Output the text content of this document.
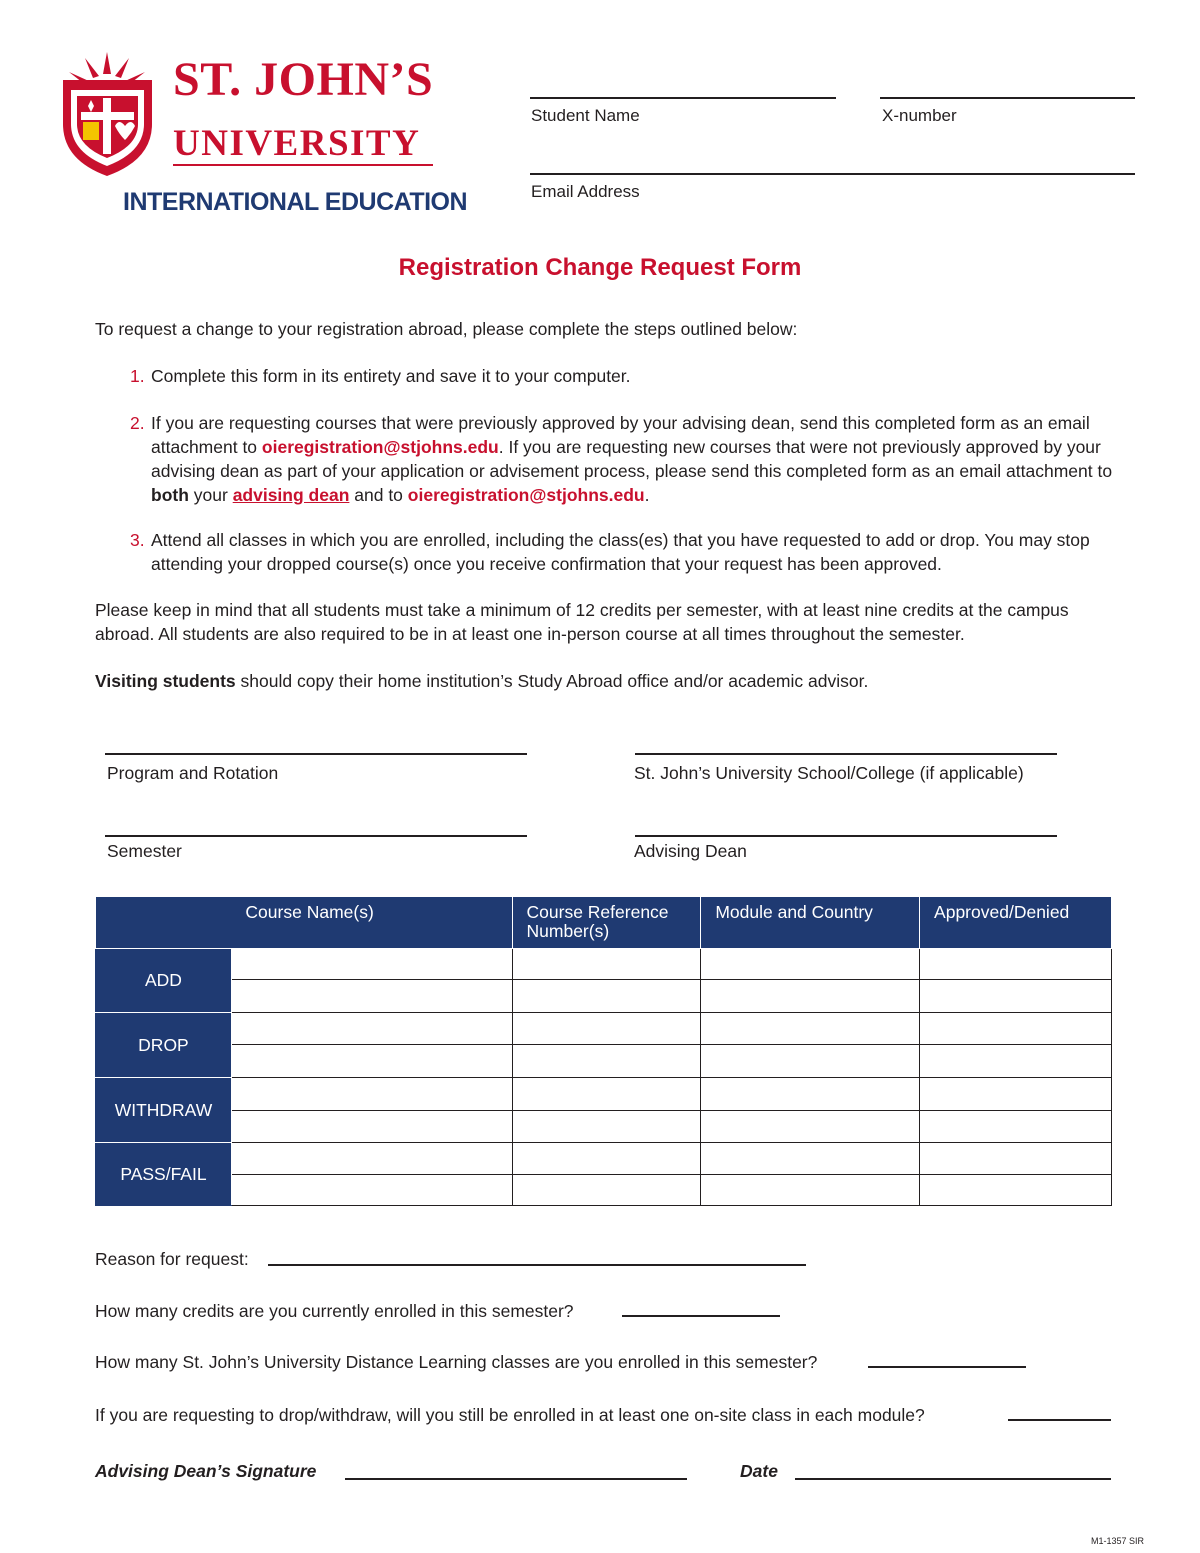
ST. JOHN’S
UNIVERSITY
INTERNATIONAL EDUCATION
Student Name	X-number
Email Address
Registration Change Request Form
To request a change to your registration abroad, please complete the steps outlined below:
1. Complete this form in its entirety and save it to your computer.
2. If you are requesting courses that were previously approved by your advising dean, send this completed form as an email attachment to oieregistration@stjohns.edu. If you are requesting new courses that were not previously approved by your advising dean as part of your application or advisement process, please send this completed form as an email attachment to both your advising dean and to oieregistration@stjohns.edu.
3. Attend all classes in which you are enrolled, including the class(es) that you have requested to add or drop. You may stop attending your dropped course(s) once you receive confirmation that your request has been approved.
Please keep in mind that all students must take a minimum of 12 credits per semester, with at least nine credits at the campus abroad. All students are also required to be in at least one in-person course at all times throughout the semester.
Visiting students should copy their home institution’s Study Abroad office and/or academic advisor.
Program and Rotation	St. John’s University School/College (if applicable)
Semester	Advising Dean
	Course Name(s)	Course Reference Number(s)	Module and Country	Approved/Denied
ADD				

DROP				

WITHDRAW				

PASS/FAIL				

Reason for request:
How many credits are you currently enrolled in this semester?
How many St. John’s University Distance Learning classes are you enrolled in this semester?
If you are requesting to drop/withdraw, will you still be enrolled in at least one on-site class in each module?
Advising Dean’s Signature	Date
M1-1357 SIR
